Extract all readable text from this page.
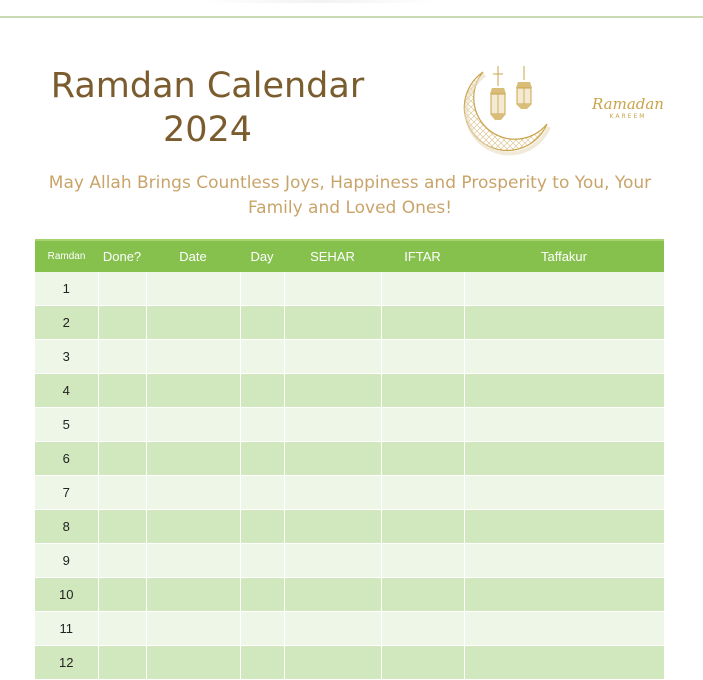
Ramdan Calendar
2024
Ramadan
KAREEM

May Allah Brings Countless Joys, Happiness and Prosperity to You, Your Family and Loved Ones!

Ramdan	Done?	Date	Day	SEHAR	IFTAR	Taffakur
1						
2						
3						
4						
5						
6						
7						
8						
9						
10						
11						
12						
